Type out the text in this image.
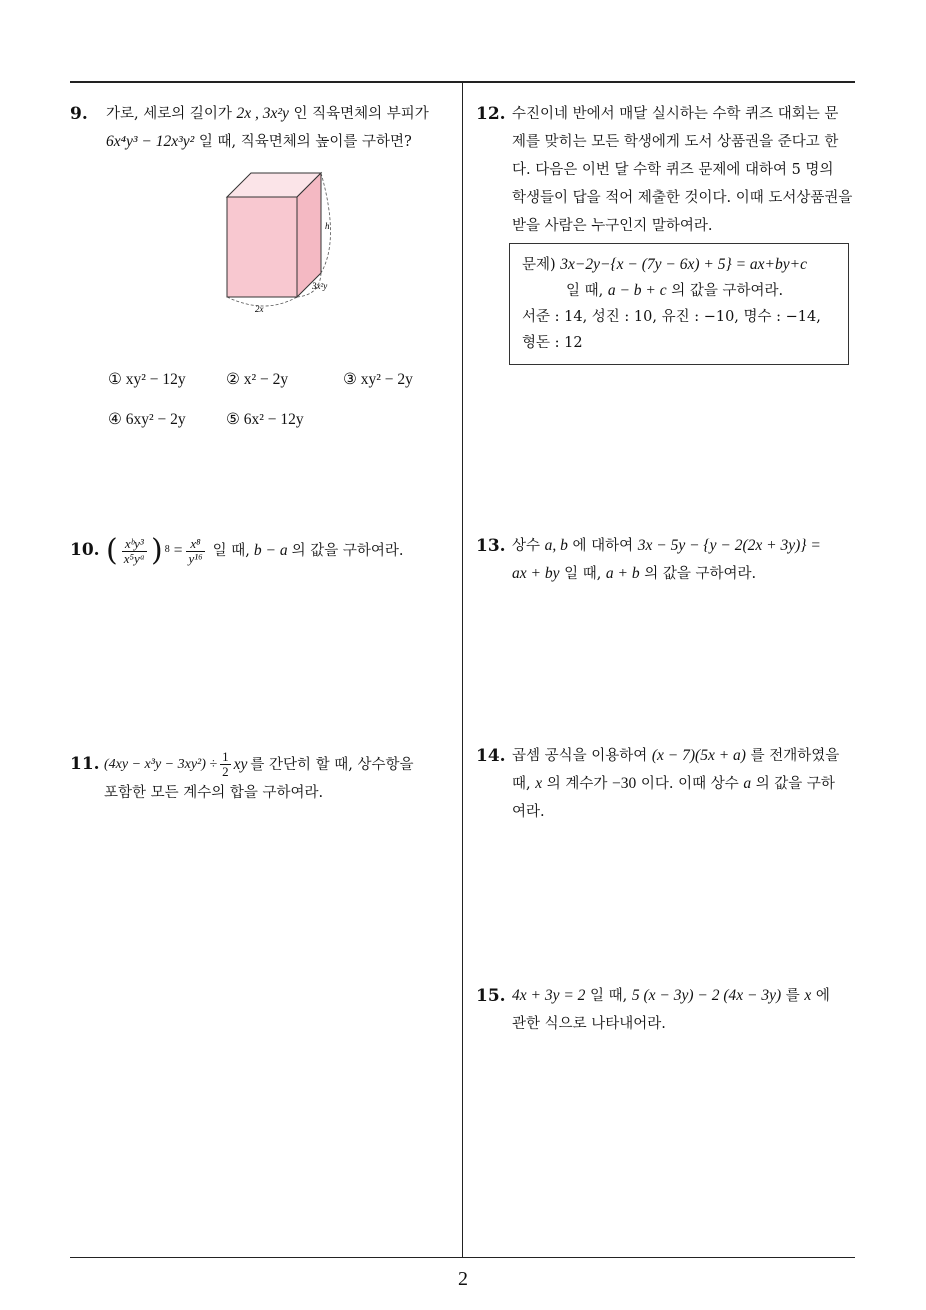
9. 가로, 세로의 길이가 2x , 3x²y 인 직육면체의 부피가
6x⁴y³ − 12x³y² 일 때, 직육면체의 높이를 구하면?
h
3x²y
2x
① xy² − 12y	② x² − 2y	③ xy² − 2y
④ 6xy² − 2y	⑤ 6x² − 12y
10. ( $\frac{\text{xᵇy³}}{\text{x⁵yᵃ}}$ ) $8 = \frac{\text{x⁸}}{\text{y¹⁶}}$ 일 때, b − a 의 값을 구하여라.
11. $(4xy - x^3y - 3xy^2) \div \frac{1}{2}$ xy 를 간단히 할 때, 상수항을
포함한 모든 계수의 합을 구하여라.
12. 수진이네 반에서 매달 실시하는 수학 퀴즈 대회는 문
제를 맞히는 모든 학생에게 도서 상품권을 준다고 한
다. 다음은 이번 달 수학 퀴즈 문제에 대하여 5 명의
학생들이 답을 적어 제출한 것이다. 이때 도서상품권을
받을 사람은 누구인지 말하여라.
문제) 3x−2y−{x − (7y − 6x) + 5} = ax+by+c
일 때, a − b + c 의 값을 구하여라.
서준 : 14, 성진 : 10, 유진 : −10, 명수 : −14,
형돈 : 12
13. 상수 a, b 에 대하여 3x − 5y − {y − 2(2x + 3y)} =
ax + by 일 때, a + b 의 값을 구하여라.
14. 곱셈 공식을 이용하여 (x − 7)(5x + a) 를 전개하였을
때, x 의 계수가 −30 이다. 이때 상수 a 의 값을 구하
여라.
15. 4x + 3y = 2 일 때, 5 (x − 3y) − 2 (4x − 3y) 를 x 에
관한 식으로 나타내어라.
2
